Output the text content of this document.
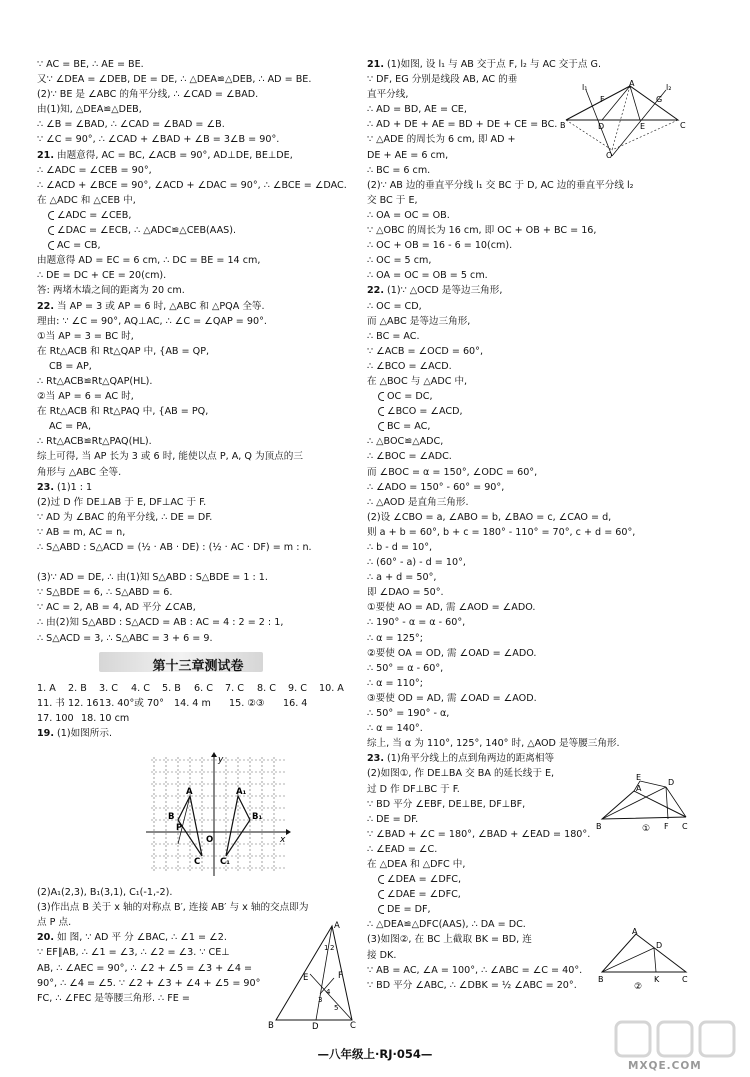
∵ AC = BE, ∴ AE = BE.
又∵ ∠DEA = ∠DEB, DE = DE, ∴ △DEA≌△DEB, ∴ AD = BE.
(2)∵ BE 是 ∠ABC 的角平分线, ∴ ∠CAD = ∠BAD.
由(1)知, △DEA≌△DEB,
∴ ∠B = ∠BAD, ∴ ∠CAD = ∠BAD = ∠B.
∵ ∠C = 90°, ∴ ∠CAD + ∠BAD + ∠B = 3∠B = 90°.
21. 由题意得, AC = BC, ∠ACB = 90°, AD⊥DE, BE⊥DE,
∴ ∠ADC = ∠CEB = 90°,
∴ ∠ACD + ∠BCE = 90°, ∠ACD + ∠DAC = 90°, ∴ ∠BCE = ∠DAC.
在 △ADC 和 △CEB 中,
∠ADC = ∠CEB,
∠DAC = ∠ECB, ∴ △ADC≌△CEB(AAS).
AC = CB,
由题意得 AD = EC = 6 cm, ∴ DC = BE = 14 cm,
∴ DE = DC + CE = 20(cm).
答: 两堵木墙之间的距离为 20 cm.
22. 当 AP = 3 或 AP = 6 时, △ABC 和 △PQA 全等.
理由: ∵ ∠C = 90°, AQ⊥AC, ∴ ∠C = ∠QAP = 90°.
①当 AP = 3 = BC 时,
在 Rt△ACB 和 Rt△QAP 中, {AB = QP,
CB = AP,
∴ Rt△ACB≌Rt△QAP(HL).
②当 AP = 6 = AC 时,
在 Rt△ACB 和 Rt△PAQ 中, {AB = PQ,
AC = PA,
∴ Rt△ACB≌Rt△PAQ(HL).
综上可得, 当 AP 长为 3 或 6 时, 能使以点 P, A, Q 为顶点的三
角形与 △ABC 全等.
23. (1)1 : 1
(2)过 D 作 DE⊥AB 于 E, DF⊥AC 于 F.
∵ AD 为 ∠BAC 的角平分线, ∴ DE = DF.
∵ AB = m, AC = n,
∴ S△ABD : S△ACD = (½ · AB · DE) : (½ · AC · DF) = m : n.
(3)∵ AD = DE, ∴ 由(1)知 S△ABD : S△BDE = 1 : 1.
∵ S△BDE = 6, ∴ S△ABD = 6.
∵ AC = 2, AB = 4, AD 平分 ∠CAB,
∴ 由(2)知 S△ABD : S△ACD = AB : AC = 4 : 2 = 2 : 1,
∴ S△ACD = 3, ∴ S△ABC = 3 + 6 = 9.
第十三章测试卷
1. A 2. B 3. C 4. C 5. B 6. C 7. C 8. C 9. C 10. A
11. 书 12. 16 13. 40°或 70° 14. 4 m 15. ②③ 16. 4
17. 100 18. 10 cm
19. (1)如图所示.
(2)A₁(2,3), B₁(3,1), C₁(-1,-2).
(3)作出点 B 关于 x 轴的对称点 B′, 连接 AB′ 与 x 轴的交点即为
点 P 点.
20. 如 图, ∵ AD 平 分 ∠BAC, ∴ ∠1 = ∠2.
∵ EF∥AB, ∴ ∠1 = ∠3, ∴ ∠2 = ∠3. ∵ CE⊥
AB, ∴ ∠AEC = 90°, ∴ ∠2 + ∠5 = ∠3 + ∠4 =
90°, ∴ ∠4 = ∠5. ∵ ∠2 + ∠3 + ∠4 + ∠5 = 90°
FC, ∴ ∠FEC 是等腰三角形. ∴ FE =
y
x
A
B
C
A₁
B₁
C₁
P
O
A
B	C
D
E	F
1 2
3
4
5
21. (1)如图, 设 l₁ 与 AB 交于点 F, l₂ 与 AC 交于点 G.
∵ DF, EG 分别是线段 AB, AC 的垂
直平分线,
∴ AD = BD, AE = CE,
∴ AD + DE + AE = BD + DE + CE = BC.
∵ △ADE 的周长为 6 cm, 即 AD +
DE + AE = 6 cm,
∴ BC = 6 cm.
(2)∵ AB 边的垂直平分线 l₁ 交 BC 于 D, AC 边的垂直平分线 l₂
交 BC 于 E,
∴ OA = OC = OB.
∵ △OBC 的周长为 16 cm, 即 OC + OB + BC = 16,
∴ OC + OB = 16 - 6 = 10(cm).
∴ OC = 5 cm,
∴ OA = OC = OB = 5 cm.
22. (1)∵ △OCD 是等边三角形,
∴ OC = CD,
而 △ABC 是等边三角形,
∴ BC = AC.
∵ ∠ACB = ∠OCD = 60°,
∴ ∠BCO = ∠ACD.
在 △BOC 与 △ADC 中,
OC = DC,
∠BCO = ∠ACD,
BC = AC,
∴ △BOC≌△ADC,
∴ ∠BOC = ∠ADC.
而 ∠BOC = α = 150°, ∠ODC = 60°,
∴ ∠ADO = 150° - 60° = 90°,
∴ △AOD 是直角三角形.
(2)设 ∠CBO = a, ∠ABO = b, ∠BAO = c, ∠CAO = d,
则 a + b = 60°, b + c = 180° - 110° = 70°, c + d = 60°,
∴ b - d = 10°,
∴ (60° - a) - d = 10°,
∴ a + d = 50°,
即 ∠DAO = 50°.
①要使 AO = AD, 需 ∠AOD = ∠ADO.
∴ 190° - α = α - 60°,
∴ α = 125°;
②要使 OA = OD, 需 ∠OAD = ∠ADO.
∴ 50° = α - 60°,
∴ α = 110°;
③要使 OD = AD, 需 ∠OAD = ∠AOD.
∴ 50° = 190° - α,
∴ α = 140°.
综上, 当 α 为 110°, 125°, 140° 时, △AOD 是等腰三角形.
23. (1)角平分线上的点到角两边的距离相等
(2)如图①, 作 DE⊥BA 交 BA 的延长线于 E,
过 D 作 DF⊥BC 于 F.
∵ BD 平分 ∠EBF, DE⊥BE, DF⊥BF,
∴ DE = DF.
∵ ∠BAD + ∠C = 180°, ∠BAD + ∠EAD = 180°.
∴ ∠EAD = ∠C.
在 △DEA 和 △DFC 中,
∠DEA = ∠DFC,
∠DAE = ∠DFC,
DE = DF,
∴ △DEA≌△DFC(AAS), ∴ DA = DC.
(3)如图②, 在 BC 上截取 BK = BD, 连
接 DK.
∵ AB = AC, ∠A = 100°, ∴ ∠ABC = ∠C = 40°.
∵ BD 平分 ∠ABC, ∴ ∠DBK = ½ ∠ABC = 20°.
A
B	C
D	E
F	G
O
l₁	l₂
A
B	C
D
E
F
①
A
B	C
D
K
②
—八年级上·RJ·054—
MXQE.COM
